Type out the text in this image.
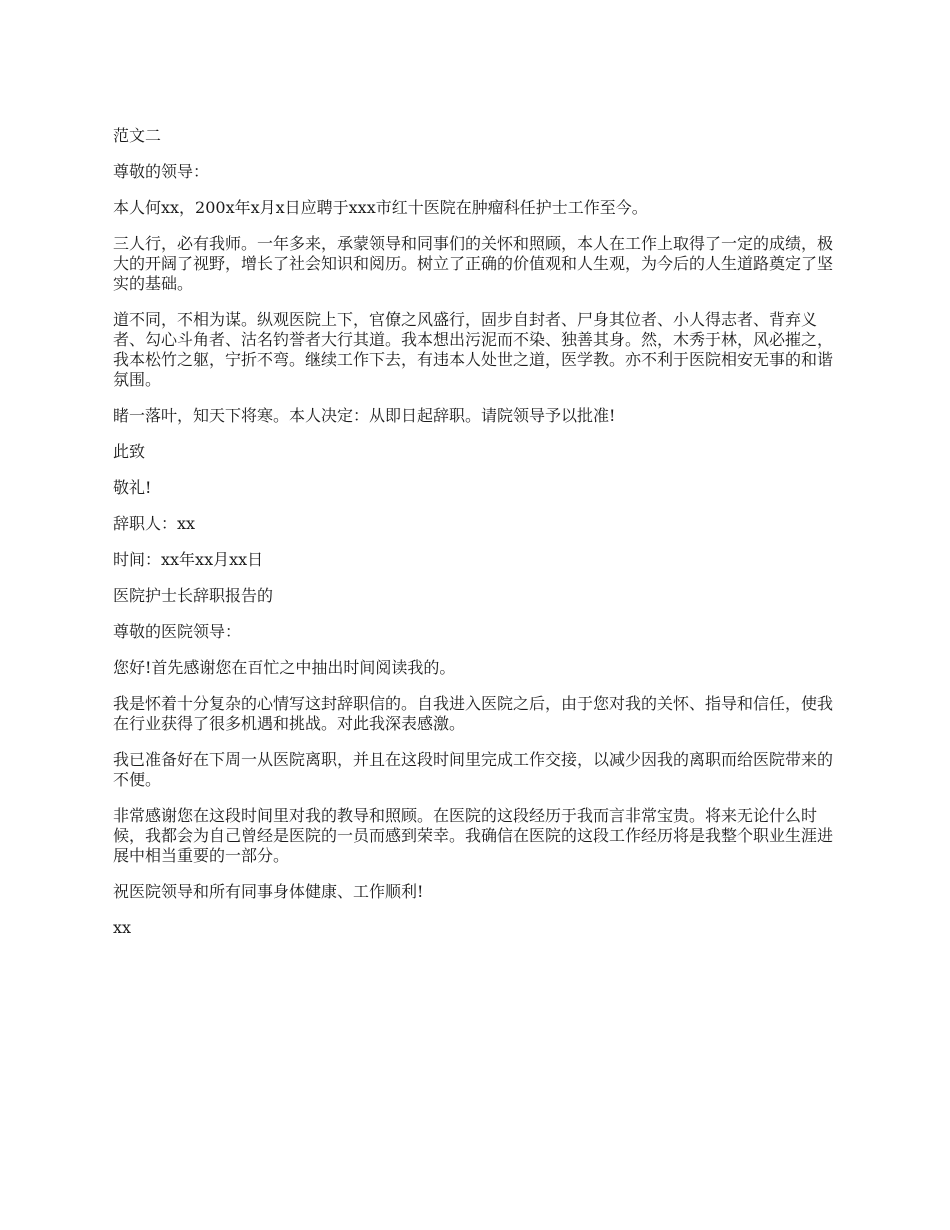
范文二

尊敬的领导：

本人何xx，200x年x月x日应聘于xxx市红十医院在肿瘤科任护士工作至今。

三人行，必有我师。一年多来，承蒙领导和同事们的关怀和照顾，本人在工作上取得了一定的成绩，极大的开阔了视野，增长了社会知识和阅历。树立了正确的价值观和人生观，为今后的人生道路奠定了坚实的基础。

道不同，不相为谋。纵观医院上下，官僚之风盛行，固步自封者、尸身其位者、小人得志者、背弃义者、勾心斗角者、沽名钓誉者大行其道。我本想出污泥而不染、独善其身。然，木秀于林，风必摧之，我本松竹之躯，宁折不弯。继续工作下去，有违本人处世之道，医学教。亦不利于医院相安无事的和谐氛围。

睹一落叶，知天下将寒。本人决定：从即日起辞职。请院领导予以批准!

此致

敬礼!

辞职人：xx

时间：xx年xx月xx日

医院护士长辞职报告的

尊敬的医院领导：

您好!首先感谢您在百忙之中抽出时间阅读我的。

我是怀着十分复杂的心情写这封辞职信的。自我进入医院之后，由于您对我的关怀、指导和信任，使我在行业获得了很多机遇和挑战。对此我深表感激。

我已准备好在下周一从医院离职，并且在这段时间里完成工作交接，以减少因我的离职而给医院带来的不便。

非常感谢您在这段时间里对我的教导和照顾。在医院的这段经历于我而言非常宝贵。将来无论什么时候，我都会为自己曾经是医院的一员而感到荣幸。我确信在医院的这段工作经历将是我整个职业生涯进展中相当重要的一部分。

祝医院领导和所有同事身体健康、工作顺利!

xx
